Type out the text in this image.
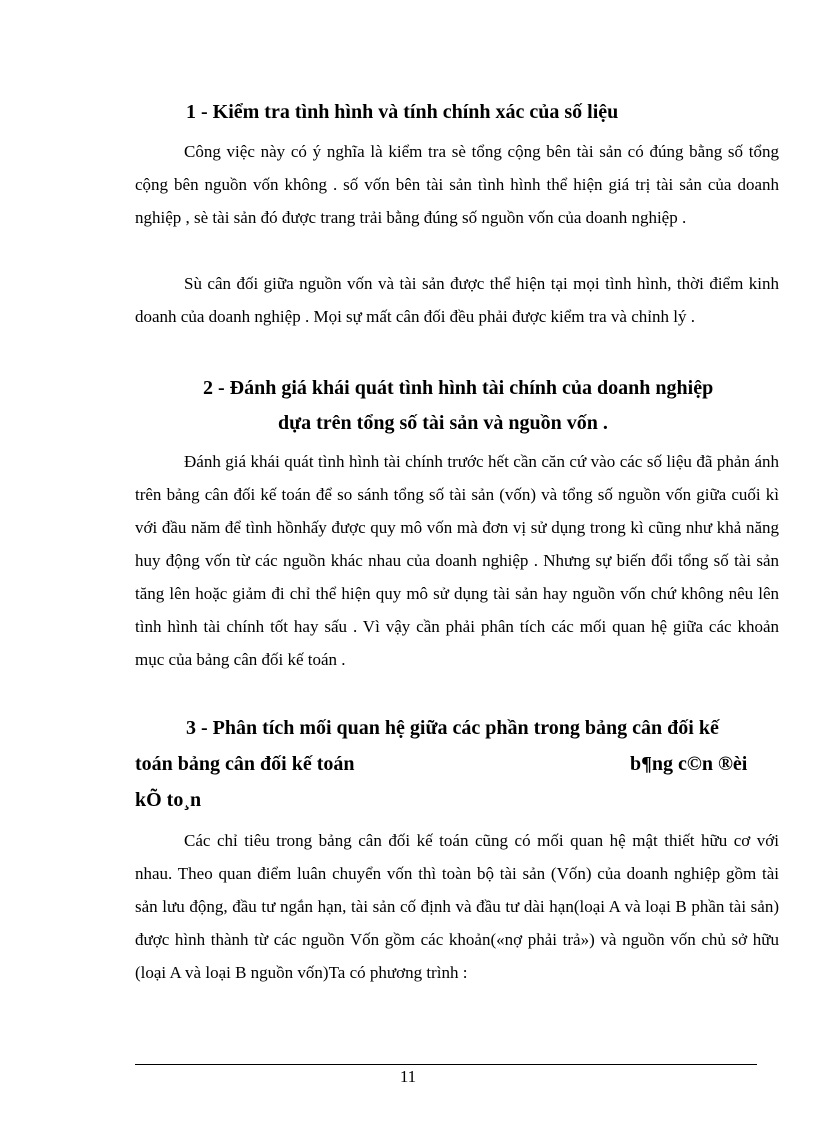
1 - Kiểm tra tình hình và tính chính xác của số liệu

Công việc này có ý nghĩa là kiểm tra sè tổng cộng bên tài sản có đúng bằng số tổng cộng bên nguồn vốn không . số vốn bên tài sản tình hình thể hiện giá trị tài sản của doanh nghiệp , sè tài sản đó được trang trải bằng đúng số nguồn vốn của doanh nghiệp .

Sù cân đối giữa nguồn vốn và tài sản được thể hiện tại mọi tình hình, thời điểm kinh doanh của doanh nghiệp . Mọi sự mất cân đối đều phải được kiểm tra và chỉnh lý .

2 - Đánh giá khái quát tình hình tài chính của doanh nghiệp
dựa trên tổng số tài sản và nguồn vốn .

Đánh giá khái quát tình hình tài chính trước hết cần căn cứ vào các số liệu đã phản ánh trên bảng cân đối kế toán để so sánh tổng số tài sản (vốn) và tổng số nguồn vốn giữa cuối kì với đầu năm để tình hồnhấy được quy mô vốn mà đơn vị sử dụng trong kì cũng như khả năng huy động vốn từ các nguồn khác nhau của doanh nghiệp . Nhưng sự biến đổi tổng số tài sản tăng lên hoặc giảm đi chỉ thể hiện quy mô sử dụng tài sản hay nguồn vốn chứ không nêu lên tình hình tài chính tốt hay sấu . Vì vậy cần phải phân tích các mối quan hệ giữa các khoản mục của bảng cân đối kế toán .

3 - Phân tích mối quan hệ giữa các phần trong bảng cân đối kế
toán bảng cân đối kế toán	b¶ng c©n ®èi
kÕ to¸n

Các chỉ tiêu trong bảng cân đối kế toán cũng có mối quan hệ mật thiết hữu cơ với nhau. Theo quan điểm luân chuyển vốn thì toàn bộ tài sản (Vốn) của doanh nghiệp gồm tài sản lưu động, đầu tư ngắn hạn, tài sản cố định và đầu tư dài hạn(loại A và loại B phần tài sản) được hình thành từ các nguồn Vốn gồm các khoản(«nợ phải trả») và nguồn vốn chủ sở hữu (loại A và loại B nguồn vốn)Ta có phương trình :

11
